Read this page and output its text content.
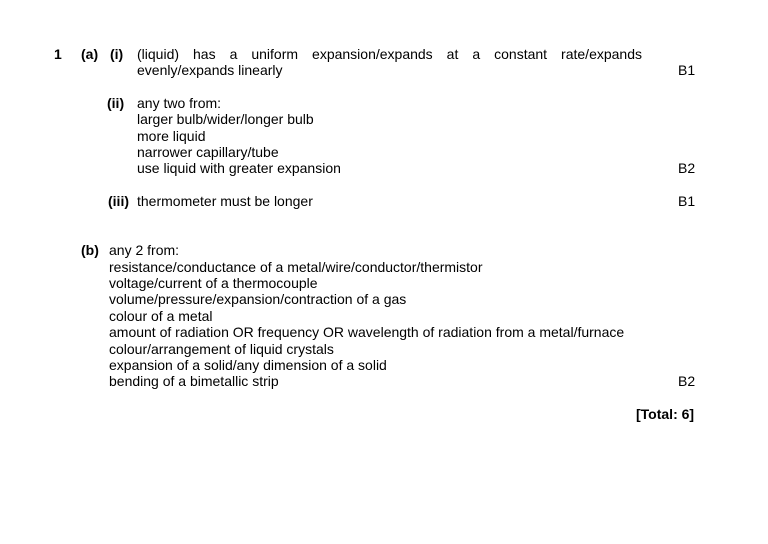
1 (a) (i) (liquid) has a uniform expansion/expands at a constant rate/expands
evenly/expands linearly	B1
(ii) any two from:
larger bulb/wider/longer bulb
more liquid
narrower capillary/tube
use liquid with greater expansion	B2
(iii) thermometer must be longer	B1
(b) any 2 from:
resistance/conductance of a metal/wire/conductor/thermistor
voltage/current of a thermocouple
volume/pressure/expansion/contraction of a gas
colour of a metal
amount of radiation OR frequency OR wavelength of radiation from a metal/furnace
colour/arrangement of liquid crystals
expansion of a solid/any dimension of a solid
bending of a bimetallic strip	B2
[Total: 6]
